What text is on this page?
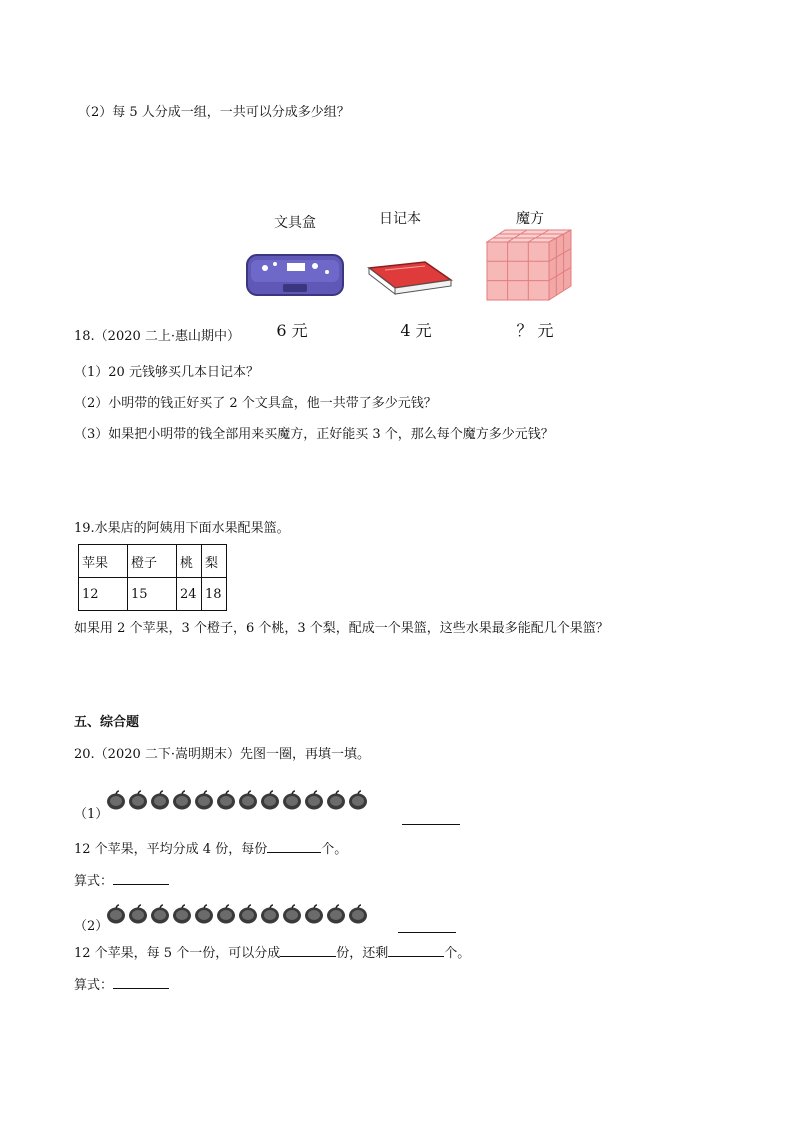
（2）每 5 人分成一组，一共可以分成多少组？
文具盒	日记本	魔方
6 元	4 元	？ 元
18.（2020 二上·惠山期中）
（1）20 元钱够买几本日记本？
（2）小明带的钱正好买了 2 个文具盒，他一共带了多少元钱？
（3）如果把小明带的钱全部用来买魔方，正好能买 3 个，那么每个魔方多少元钱？
19.水果店的阿姨用下面水果配果篮。
苹果	橙子	桃	梨
12	15	24	18
如果用 2 个苹果，3 个橙子，6 个桃，3 个梨，配成一个果篮，这些水果最多能配几个果篮？
五、综合题
20.（2020 二下·嵩明期末）先图一圈，再填一填。
（1）
12 个苹果，平均分成 4 份，每份	个。
算式：
（2）
12 个苹果，每 5 个一份，可以分成	份，还剩	个。
算式：
